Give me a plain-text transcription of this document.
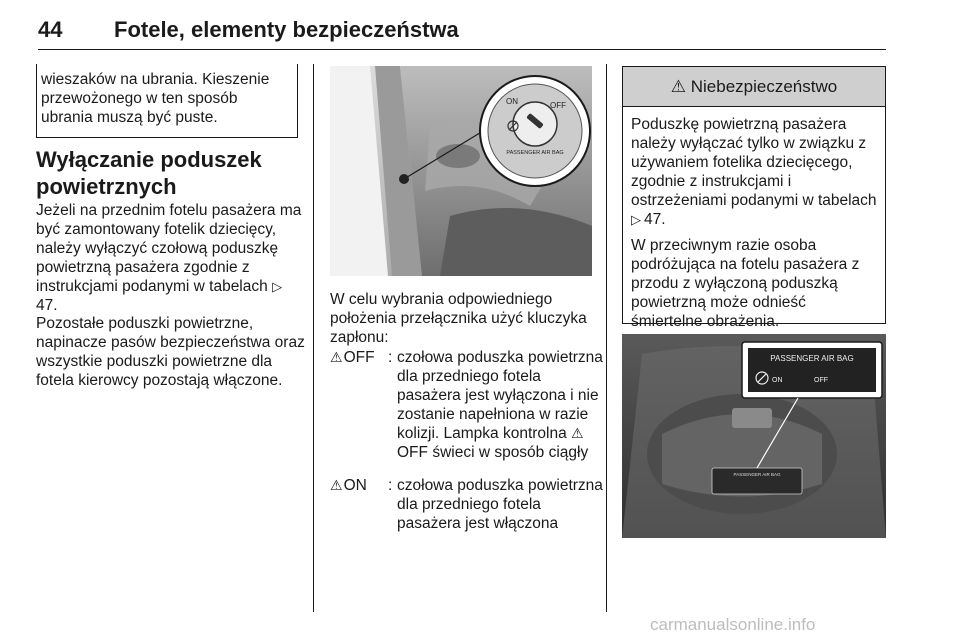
44 Fotele, elementy bezpieczeństwa
wieszaków na ubrania. Kieszenie przewożonego w ten sposób ubrania muszą być puste.
Wyłączanie poduszek powietrznych
Jeżeli na przednim fotelu pasażera ma być zamontowany fotelik dziecięcy, należy wyłączyć czołową poduszkę powietrzną pasażera zgodnie z instrukcjami podanymi w tabelach ▷47.
Pozostałe poduszki powietrzne, napinacze pasów bezpieczeństwa oraz wszystkie poduszki powietrzne dla fotela kierowcy pozostają włączone.
ON	OFF
PASSENGER AIR BAG
W celu wybrania odpowiedniego położenia przełącznika użyć kluczyka zapłonu:
⚠OFF : czołowa poduszka powietrzna dla przedniego fotela pasażera jest wyłączona i nie zostanie napełniona w razie kolizji. Lampka kontrolna ⚠OFF świeci w sposób ciągły
⚠ON	: czołowa poduszka powietrzna dla przedniego fotela pasażera jest włączona
⚠ Niebezpieczeństwo

Poduszkę powietrzną pasażera należy wyłączać tylko w związku z używaniem fotelika dziecięcego, zgodnie z instrukcjami i ostrzeżeniami podanymi w tabelach ▷ 47.

W przeciwnym razie osoba podróżująca na fotelu pasażera z przodu z wyłączoną poduszką powietrzną może odnieść śmiertelne obrażenia.

PASSENGER AIR BAG
PASSENGER AIR BAG
ON	OFF
carmanualsonline.info
